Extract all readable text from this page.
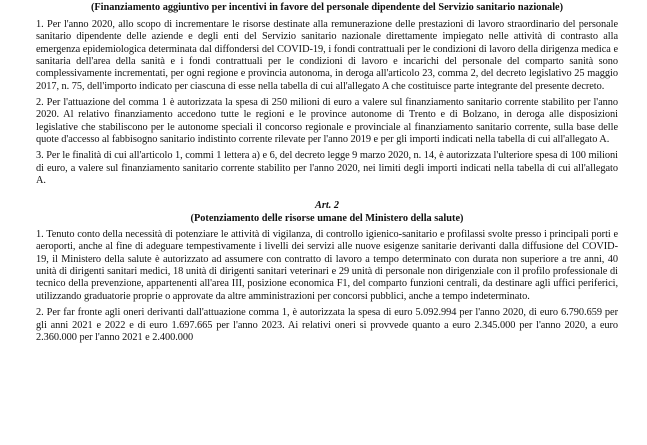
(Finanziamento aggiuntivo per incentivi in favore del personale dipendente del Servizio sanitario nazionale)

1. Per l'anno 2020, allo scopo di incrementare le risorse destinate alla remunerazione delle prestazioni di lavoro straordinario del personale sanitario dipendente delle aziende e degli enti del Servizio sanitario nazionale direttamente impiegato nelle attività di contrasto alla emergenza epidemiologica determinata dal diffondersi del COVID-19, i fondi contrattuali per le condizioni di lavoro della dirigenza medica e sanitaria dell'area della sanità e i fondi contrattuali per le condizioni di lavoro e incarichi del personale del comparto sanità sono complessivamente incrementati, per ogni regione e provincia autonoma, in deroga all'articolo 23, comma 2, del decreto legislativo 25 maggio 2017, n. 75, dell'importo indicato per ciascuna di esse nella tabella di cui all'allegato A che costituisce parte integrante del presente decreto.

2. Per l'attuazione del comma 1 è autorizzata la spesa di 250 milioni di euro a valere sul finanziamento sanitario corrente stabilito per l'anno 2020. Al relativo finanziamento accedono tutte le regioni e le province autonome di Trento e di Bolzano, in deroga alle disposizioni legislative che stabiliscono per le autonome speciali il concorso regionale e provinciale al finanziamento sanitario corrente, sulla base delle quote d'accesso al fabbisogno sanitario indistinto corrente rilevate per l'anno 2019 e per gli importi indicati nella tabella di cui all'allegato A.

3. Per le finalità di cui all'articolo 1, commi 1 lettera a) e 6, del decreto legge 9 marzo 2020, n. 14, è autorizzata l'ulteriore spesa di 100 milioni di euro, a valere sul finanziamento sanitario corrente stabilito per l'anno 2020, nei limiti degli importi indicati nella tabella di cui all'allegato A.

Art. 2

(Potenziamento delle risorse umane del Ministero della salute)

1. Tenuto conto della necessità di potenziare le attività di vigilanza, di controllo igienico-sanitario e profilassi svolte presso i principali porti e aeroporti, anche al fine di adeguare tempestivamente i livelli dei servizi alle nuove esigenze sanitarie derivanti dalla diffusione del COVID-19, il Ministero della salute è autorizzato ad assumere con contratto di lavoro a tempo determinato con durata non superiore a tre anni, 40 unità di dirigenti sanitari medici, 18 unità di dirigenti sanitari veterinari e 29 unità di personale non dirigenziale con il profilo professionale di tecnico della prevenzione, appartenenti all'area III, posizione economica F1, del comparto funzioni centrali, da destinare agli uffici periferici, utilizzando graduatorie proprie o approvate da altre amministrazioni per concorsi pubblici, anche a tempo indeterminato.

2. Per far fronte agli oneri derivanti dall'attuazione comma 1, è autorizzata la spesa di euro 5.092.994 per l'anno 2020, di euro 6.790.659 per gli anni 2021 e 2022 e di euro 1.697.665 per l'anno 2023. Ai relativi oneri si provvede quanto a euro 2.345.000 per l'anno 2020, a euro 2.360.000 per l'anno 2021 e 2.400.000
